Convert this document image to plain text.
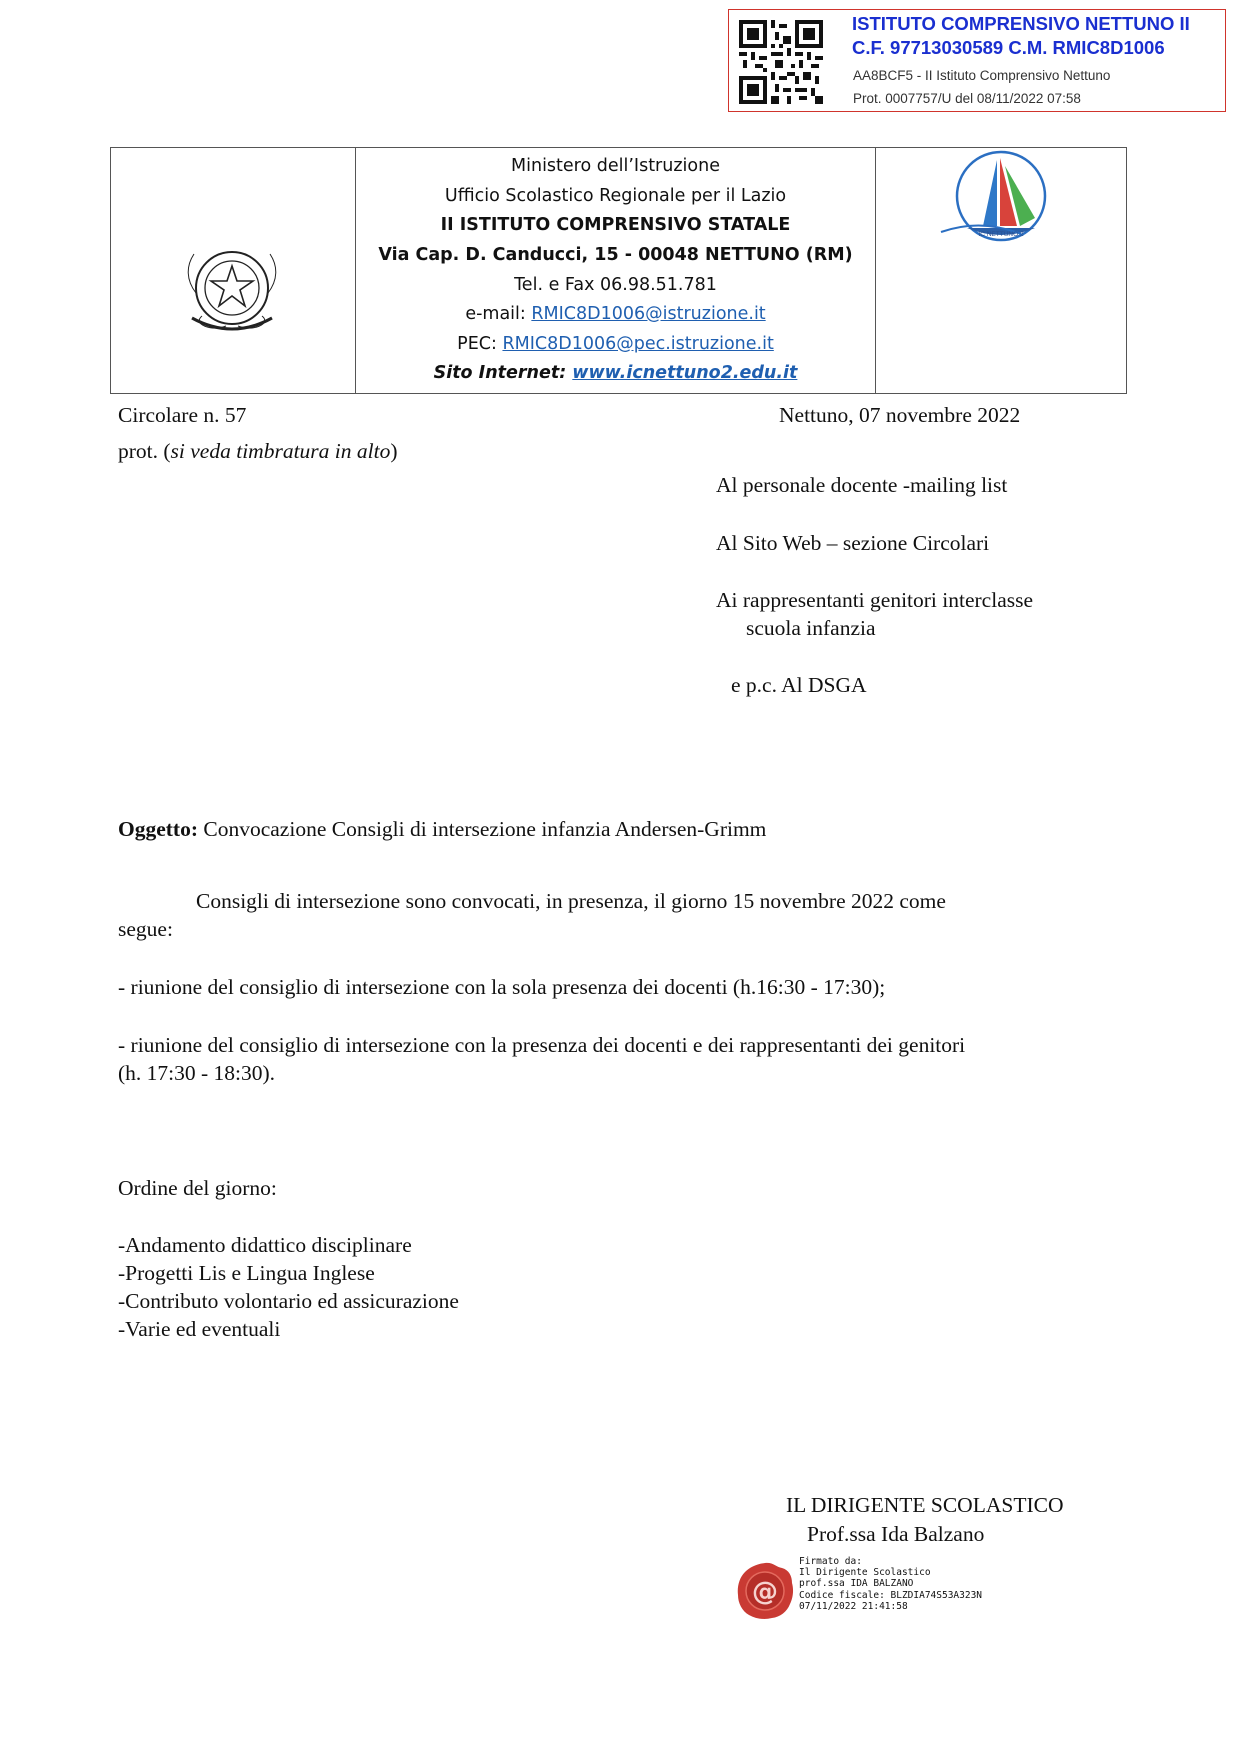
ISTITUTO COMPRENSIVO NETTUNO II
C.F. 97713030589 C.M. RMIC8D1006
AA8BCF5 - II Istituto Comprensivo Nettuno
Prot. 0007757/U del 08/11/2022 07:58

Ministero dell’Istruzione
Ufficio Scolastico Regionale per il Lazio
II ISTITUTO COMPRENSIVO STATALE
Via Cap. D. Canducci, 15 - 00048 NETTUNO (RM)
Tel. e Fax 06.98.51.781
e-mail: RMIC8D1006@istruzione.it
PEC: RMIC8D1006@pec.istruzione.it
Sito Internet: www.icnettuno2.edu.it

IC NETTUNO 2
Circolare n. 57	Nettuno, 07 novembre 2022
prot. (si veda timbratura in alto)
Al personale docente -mailing list
Al Sito Web – sezione Circolari
Ai rappresentanti genitori interclasse
scuola infanzia
e p.c. Al DSGA
Oggetto: Convocazione Consigli di intersezione infanzia Andersen-Grimm
Consigli di intersezione sono convocati, in presenza, il giorno 15 novembre 2022 come
segue:
- riunione del consiglio di intersezione con la sola presenza dei docenti (h.16:30 - 17:30);
- riunione del consiglio di intersezione con la presenza dei docenti e dei rappresentanti dei genitori
(h. 17:30 - 18:30).
Ordine del giorno:
-Andamento didattico disciplinare
-Progetti Lis e Lingua Inglese
-Contributo volontario ed assicurazione
-Varie ed eventuali
IL DIRIGENTE SCOLASTICO
Prof.ssa Ida Balzano
@
Firmato da:
Il Dirigente Scolastico
prof.ssa IDA BALZANO
Codice fiscale: BLZDIA74S53A323N
07/11/2022 21:41:58
